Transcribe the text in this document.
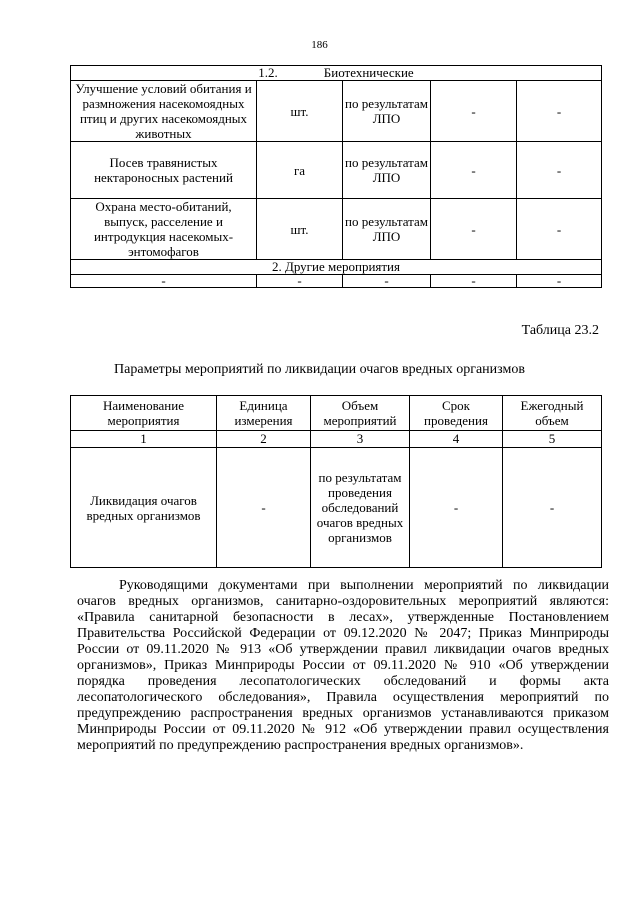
186
1.2. Биотехнические				
Улучшение условий обитания и размножения насекомоядных птиц и других насекомоядных животных	шт.	по результатам ЛПО	-	-
Посев травянистых нектароносных растений	га	по результатам ЛПО	-	-
Охрана место-обитаний, выпуск, расселение и интродукция насекомых-энтомофагов	шт.	по результатам ЛПО	-	-
2. Другие мероприятия				
-	-	-	-	-
Таблица 23.2
Параметры мероприятий по ликвидации очагов вредных организмов
Наименование мероприятия	Единица измерения	Объем мероприятий	Срок проведения	Ежегодный объем
1	2	3	4	5
Ликвидация очагов вредных организмов	-	по результатам проведения обследований очагов вредных организмов	-	-
Руководящими документами при выполнении мероприятий по ликвидации очагов вредных организмов, санитарно-оздоровительных мероприятий являются: «Правила санитарной безопасности в лесах», утвержденные Постановлением Правительства Российской Федерации от 09.12.2020 № 2047; Приказ Минприроды России от 09.11.2020 № 913 «Об утверждении правил ликвидации очагов вредных организмов», Приказ Минприроды России от 09.11.2020 № 910 «Об утверждении порядка проведения лесопатологических обследований и формы акта лесопатологического обследования», Правила осуществления мероприятий по предупреждению распространения вредных организмов устанавливаются приказом Минприроды России от 09.11.2020 № 912 «Об утверждении правил осуществления мероприятий по предупреждению распространения вредных организмов».
